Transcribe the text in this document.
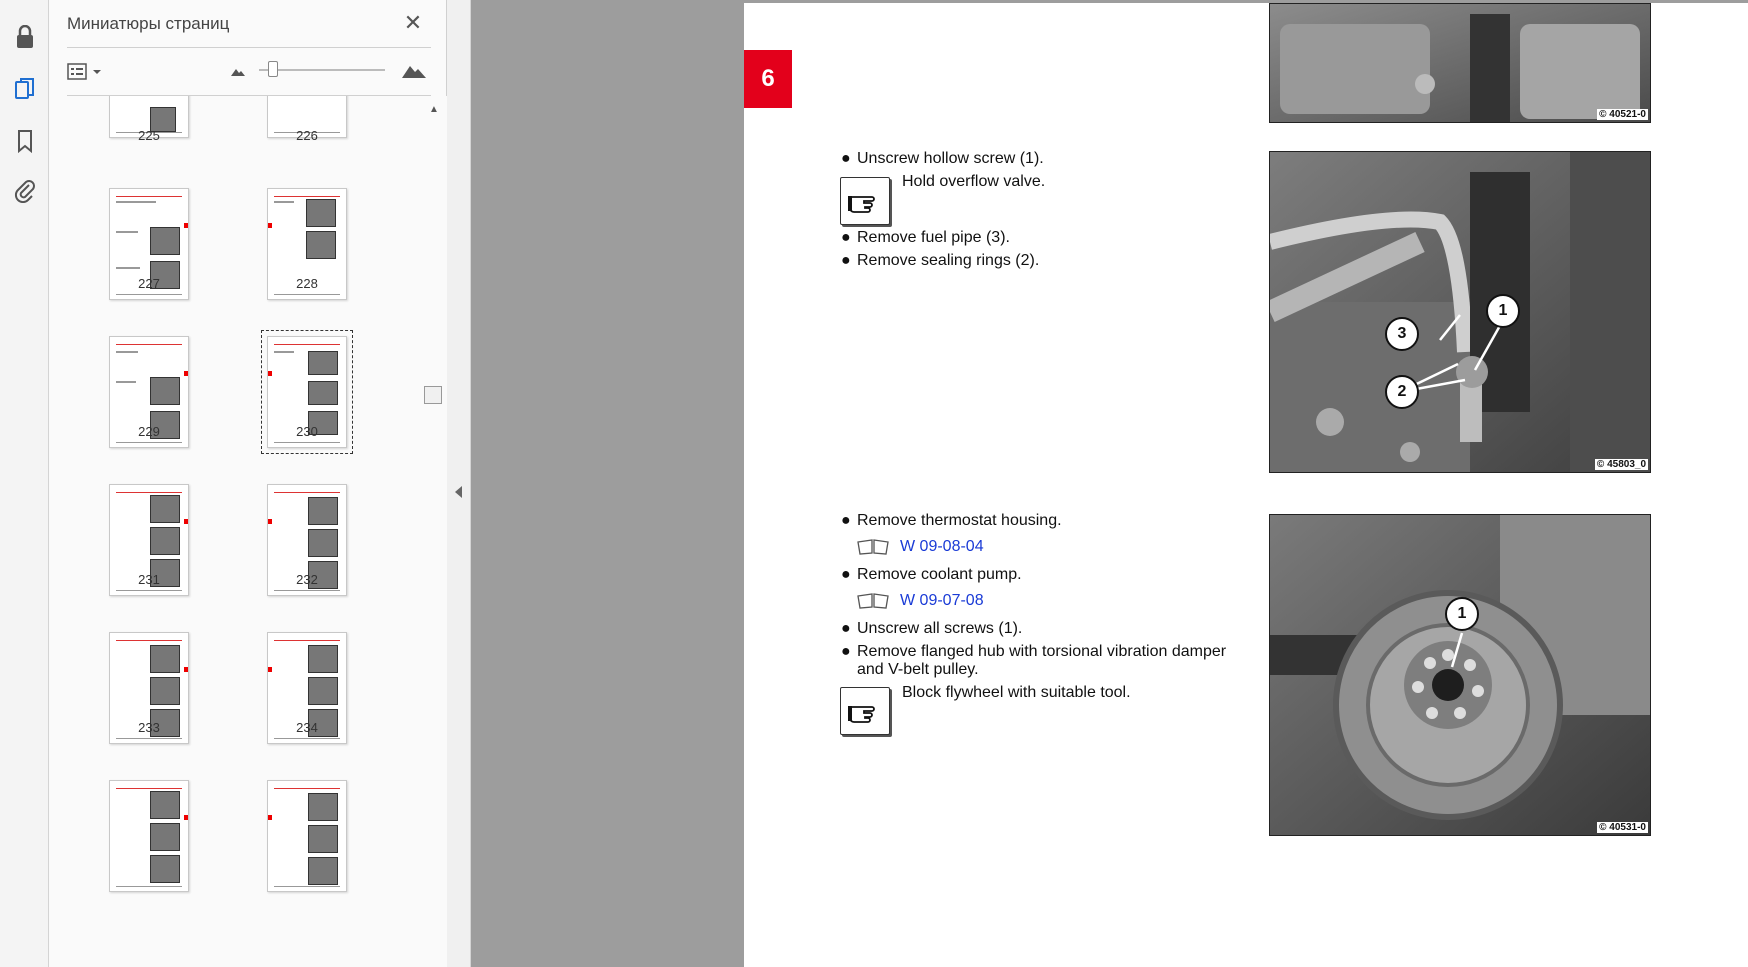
Миниатюры страниц	✕
225	226
227	228
229	230
231	232
233	234
▲
6
© 40521-0
● Unscrew hollow screw (1).
Hold overflow valve.
● Remove fuel pipe (3).
● Remove sealing rings (2).
1
3
2
© 45803_0
● Remove thermostat housing.
W 09-08-04
● Remove coolant pump.
W 09-07-08
● Unscrew all screws (1).
● Remove flanged hub with torsional vibration damper
and V-belt pulley.
Block flywheel with suitable tool.
1
© 40531-0
